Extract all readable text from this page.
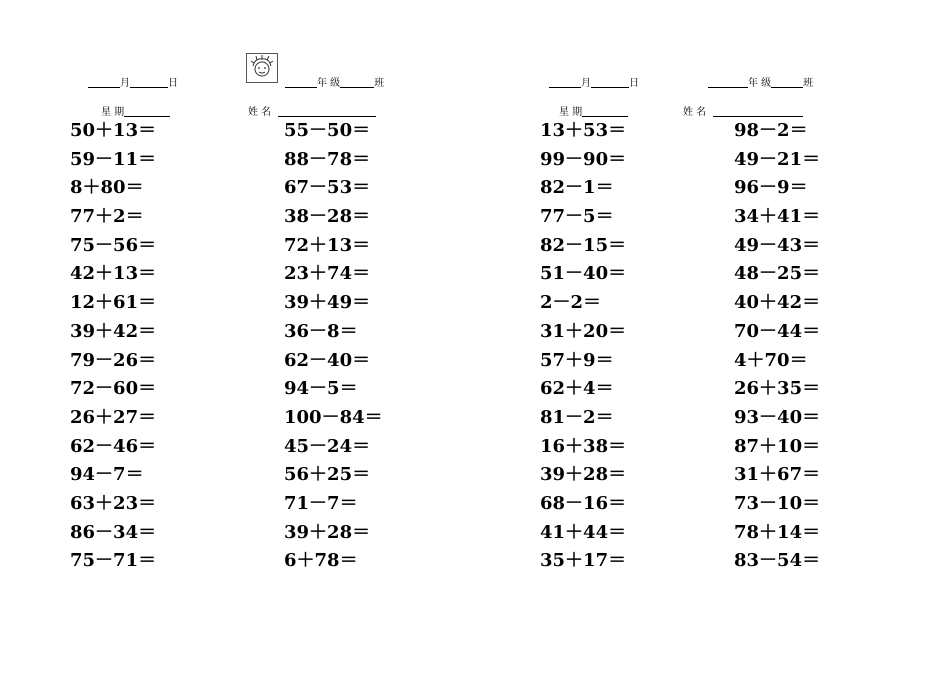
月	日	年 级	班
星 期	姓 名
月	日	年 级	班
星 期	姓 名
50＋13＝
59－11＝
8＋80＝
77＋2＝
75－56＝
42＋13＝
12＋61＝
39＋42＝
79－26＝
72－60＝
26＋27＝
62－46＝
94－7＝
63＋23＝
86－34＝
75－71＝
55－50＝
88－78＝
67－53＝
38－28＝
72＋13＝
23＋74＝
39＋49＝
36－8＝
62－40＝
94－5＝
100－84＝
45－24＝
56＋25＝
71－7＝
39＋28＝
6＋78＝
13＋53＝
99－90＝
82－1＝
77－5＝
82－15＝
51－40＝
2－2＝
31＋20＝
57＋9＝
62＋4＝
81－2＝
16＋38＝
39＋28＝
68－16＝
41＋44＝
35＋17＝
98－2＝
49－21＝
96－9＝
34＋41＝
49－43＝
48－25＝
40＋42＝
70－44＝
4＋70＝
26＋35＝
93－40＝
87＋10＝
31＋67＝
73－10＝
78＋14＝
83－54＝
